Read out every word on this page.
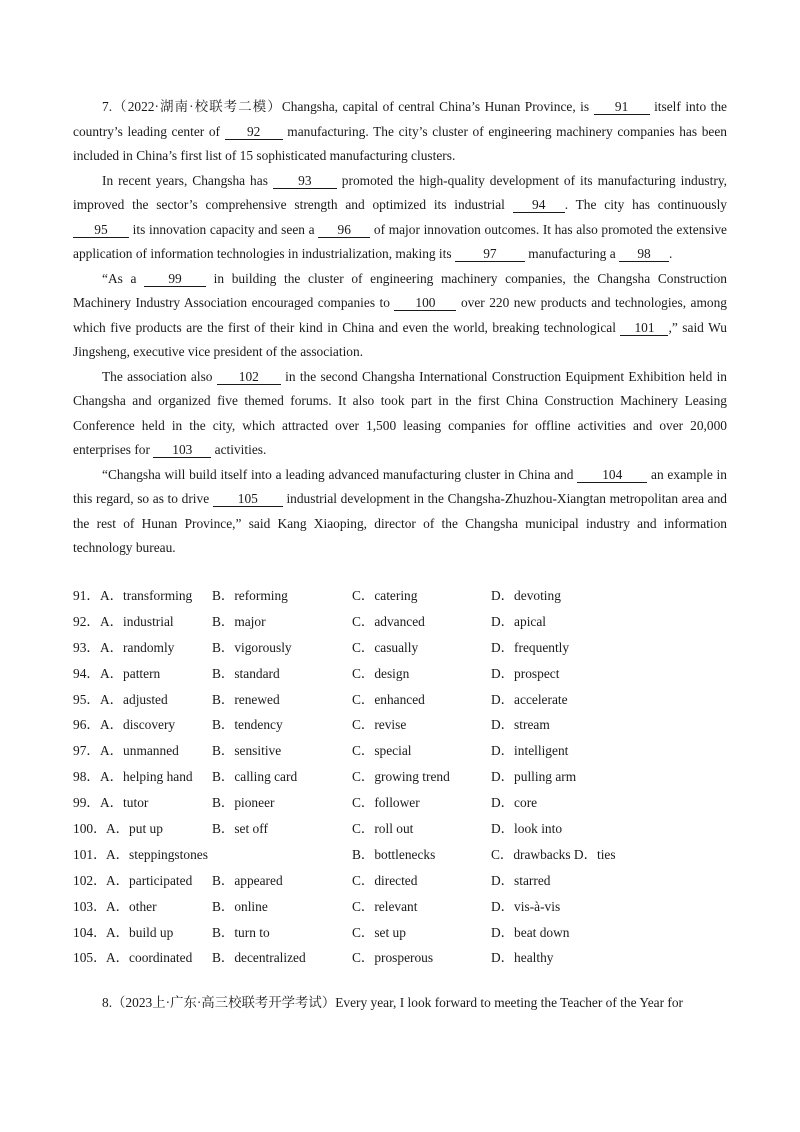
7.（2022·湖南·校联考二模）Changsha, capital of central China’s Hunan Province, is 91 itself into the country’s leading center of 92 manufacturing. The city’s cluster of engineering machinery companies has been included in China’s first list of 15 sophisticated manufacturing clusters.

In recent years, Changsha has 93 promoted the high-quality development of its manufacturing industry, improved the sector’s comprehensive strength and optimized its industrial 94 . The city has continuously 95 its innovation capacity and seen a 96 of major innovation outcomes. It has also promoted the extensive application of information technologies in industrialization, making its 97 manufacturing a 98 .

“As a 99 in building the cluster of engineering machinery companies, the Changsha Construction Machinery Industry Association encouraged companies to 100 over 220 new products and technologies, among which five products are the first of their kind in China and even the world, breaking technological 101 ,” said Wu Jingsheng, executive vice president of the association.

The association also 102 in the second Changsha International Construction Equipment Exhibition held in Changsha and organized five themed forums. It also took part in the first China Construction Machinery Leasing Conference held in the city, which attracted over 1,500 leasing companies for offline activities and over 20,000 enterprises for 103 activities.

“Changsha will build itself into a leading advanced manufacturing cluster in China and 104 an example in this regard, so as to drive 105 industrial development in the Changsha-Zhuzhou-Xiangtan metropolitan area and the rest of Hunan Province,” said Kang Xiaoping, director of the Changsha municipal industry and information technology bureau.

91． A．transforming B．reforming	C．catering	D．devoting
92． A．industrial	B．major	C．advanced	D．apical
93． A．randomly	B．vigorously	C．casually	D．frequently
94． A．pattern	B．standard	C．design	D．prospect
95． A．adjusted	B．renewed	C．enhanced	D．accelerate
96． A．discovery	B．tendency	C．revise	D．stream
97． A．unmanned B．sensitive	C．special	D．intelligent
98． A．helping hand B．calling card	C．growing trend	D．pulling arm
99． A．tutor	B．pioneer	C．follower	D．core
100． A．put up	B．set off	C．roll out	D．look into
101． A．steppingstones	B．bottlenecks	C．drawbacks D．ties
102． A．participated B．appeared	C．directed	D．starred
103． A．other	B．online	C．relevant	D．vis-à-vis
104． A．build up	B．turn to	C．set up	D．beat down
105． A．coordinated B．decentralized	C．prosperous	D．healthy
8.（2023上·广东·高三校联考开学考试）Every year, I look forward to meeting the Teacher of the Year for
